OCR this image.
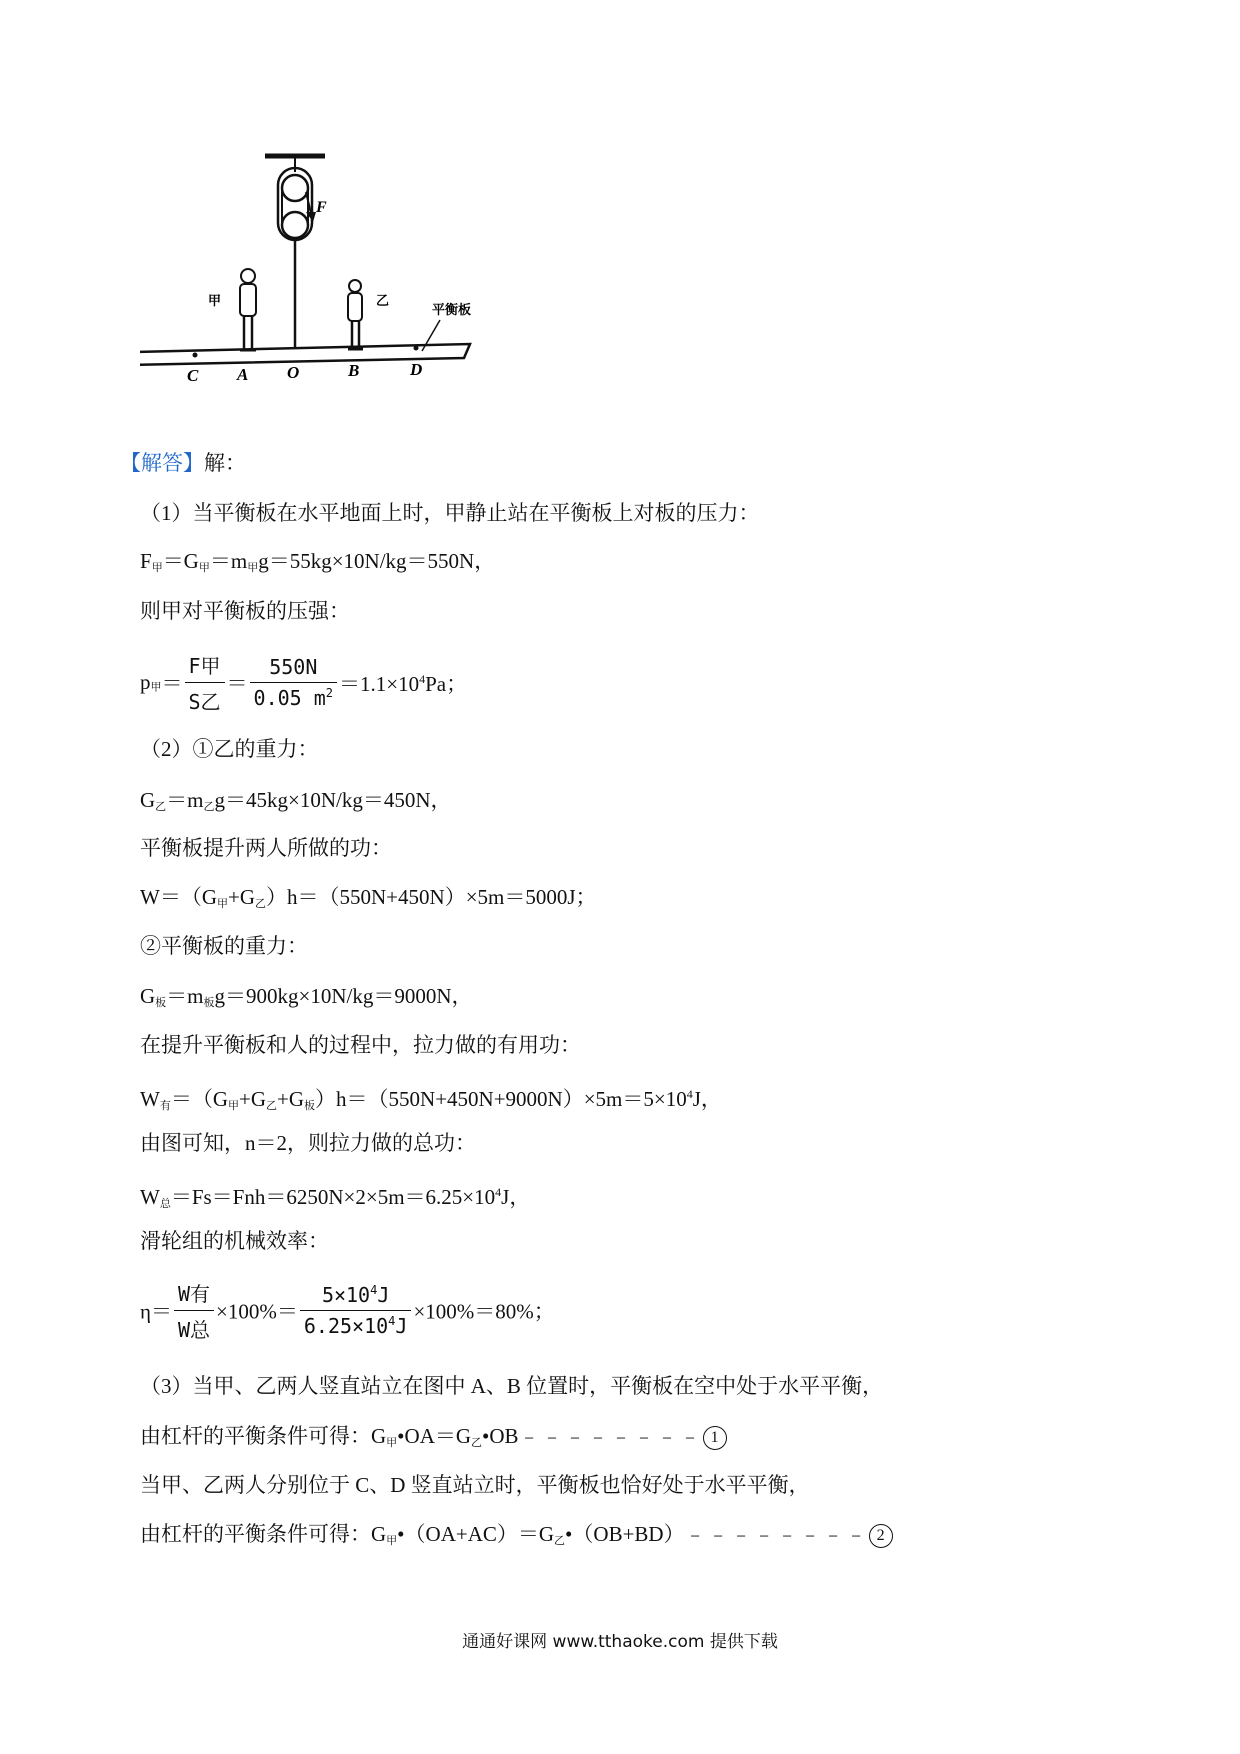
F
甲	乙
平衡板
C A O	B	D
【解答】解：
（1）当平衡板在水平地面上时，甲静止站在平衡板上对板的压力：
$F_甲=G_甲=m_甲g=55kg\times 10N/kg=550N$，
则甲对平衡板的压强：
$p_甲= \frac{\text{F甲}}{\text{S乙}} = \frac{550N}{0.05 m^2} =1.1\times 10^4Pa$；
（2）①乙的重力：
$G_乙=m_乙g=45kg\times 10N/kg=450N$，
平衡板提升两人所做的功：
$W=(G_甲+G_乙)h=(550N+450N)\times 5m=5000J$；
②平衡板的重力：
$G_板=m_板g=900kg\times 10N/kg=9000N$，
在提升平衡板和人的过程中，拉力做的有用功：
$W_有=(G_甲+G_乙+G_板)h=(550N+450N+9000N)\times 5m=5\times 10^4J$，
由图可知，n＝2，则拉力做的总功：
$W_总=Fs=Fnh=6250N\times 2\times 5m=6.25\times 10^4J$，
滑轮组的机械效率：
$\eta= \frac{\text{W有}}{\text{W总}} \times 100\%= \frac{5\times 10^4J}{6.25\times 10^4J} \times 100\%=80\%$；
（3）当甲、乙两人竖直站立在图中 A、B 位置时，平衡板在空中处于水平平衡，
由杠杆的平衡条件可得：$G_甲•OA=G_乙•OB﹣﹣﹣﹣﹣﹣﹣﹣$ 1
当甲、乙两人分别位于 C、D 竖直站立时，平衡板也恰好处于水平平衡，
由杠杆的平衡条件可得：$G_甲•(OA+AC)=G_乙•(OB+BD)﹣﹣﹣﹣﹣﹣﹣﹣$ 2
通通好课网 www.tthaoke.com 提供下载
